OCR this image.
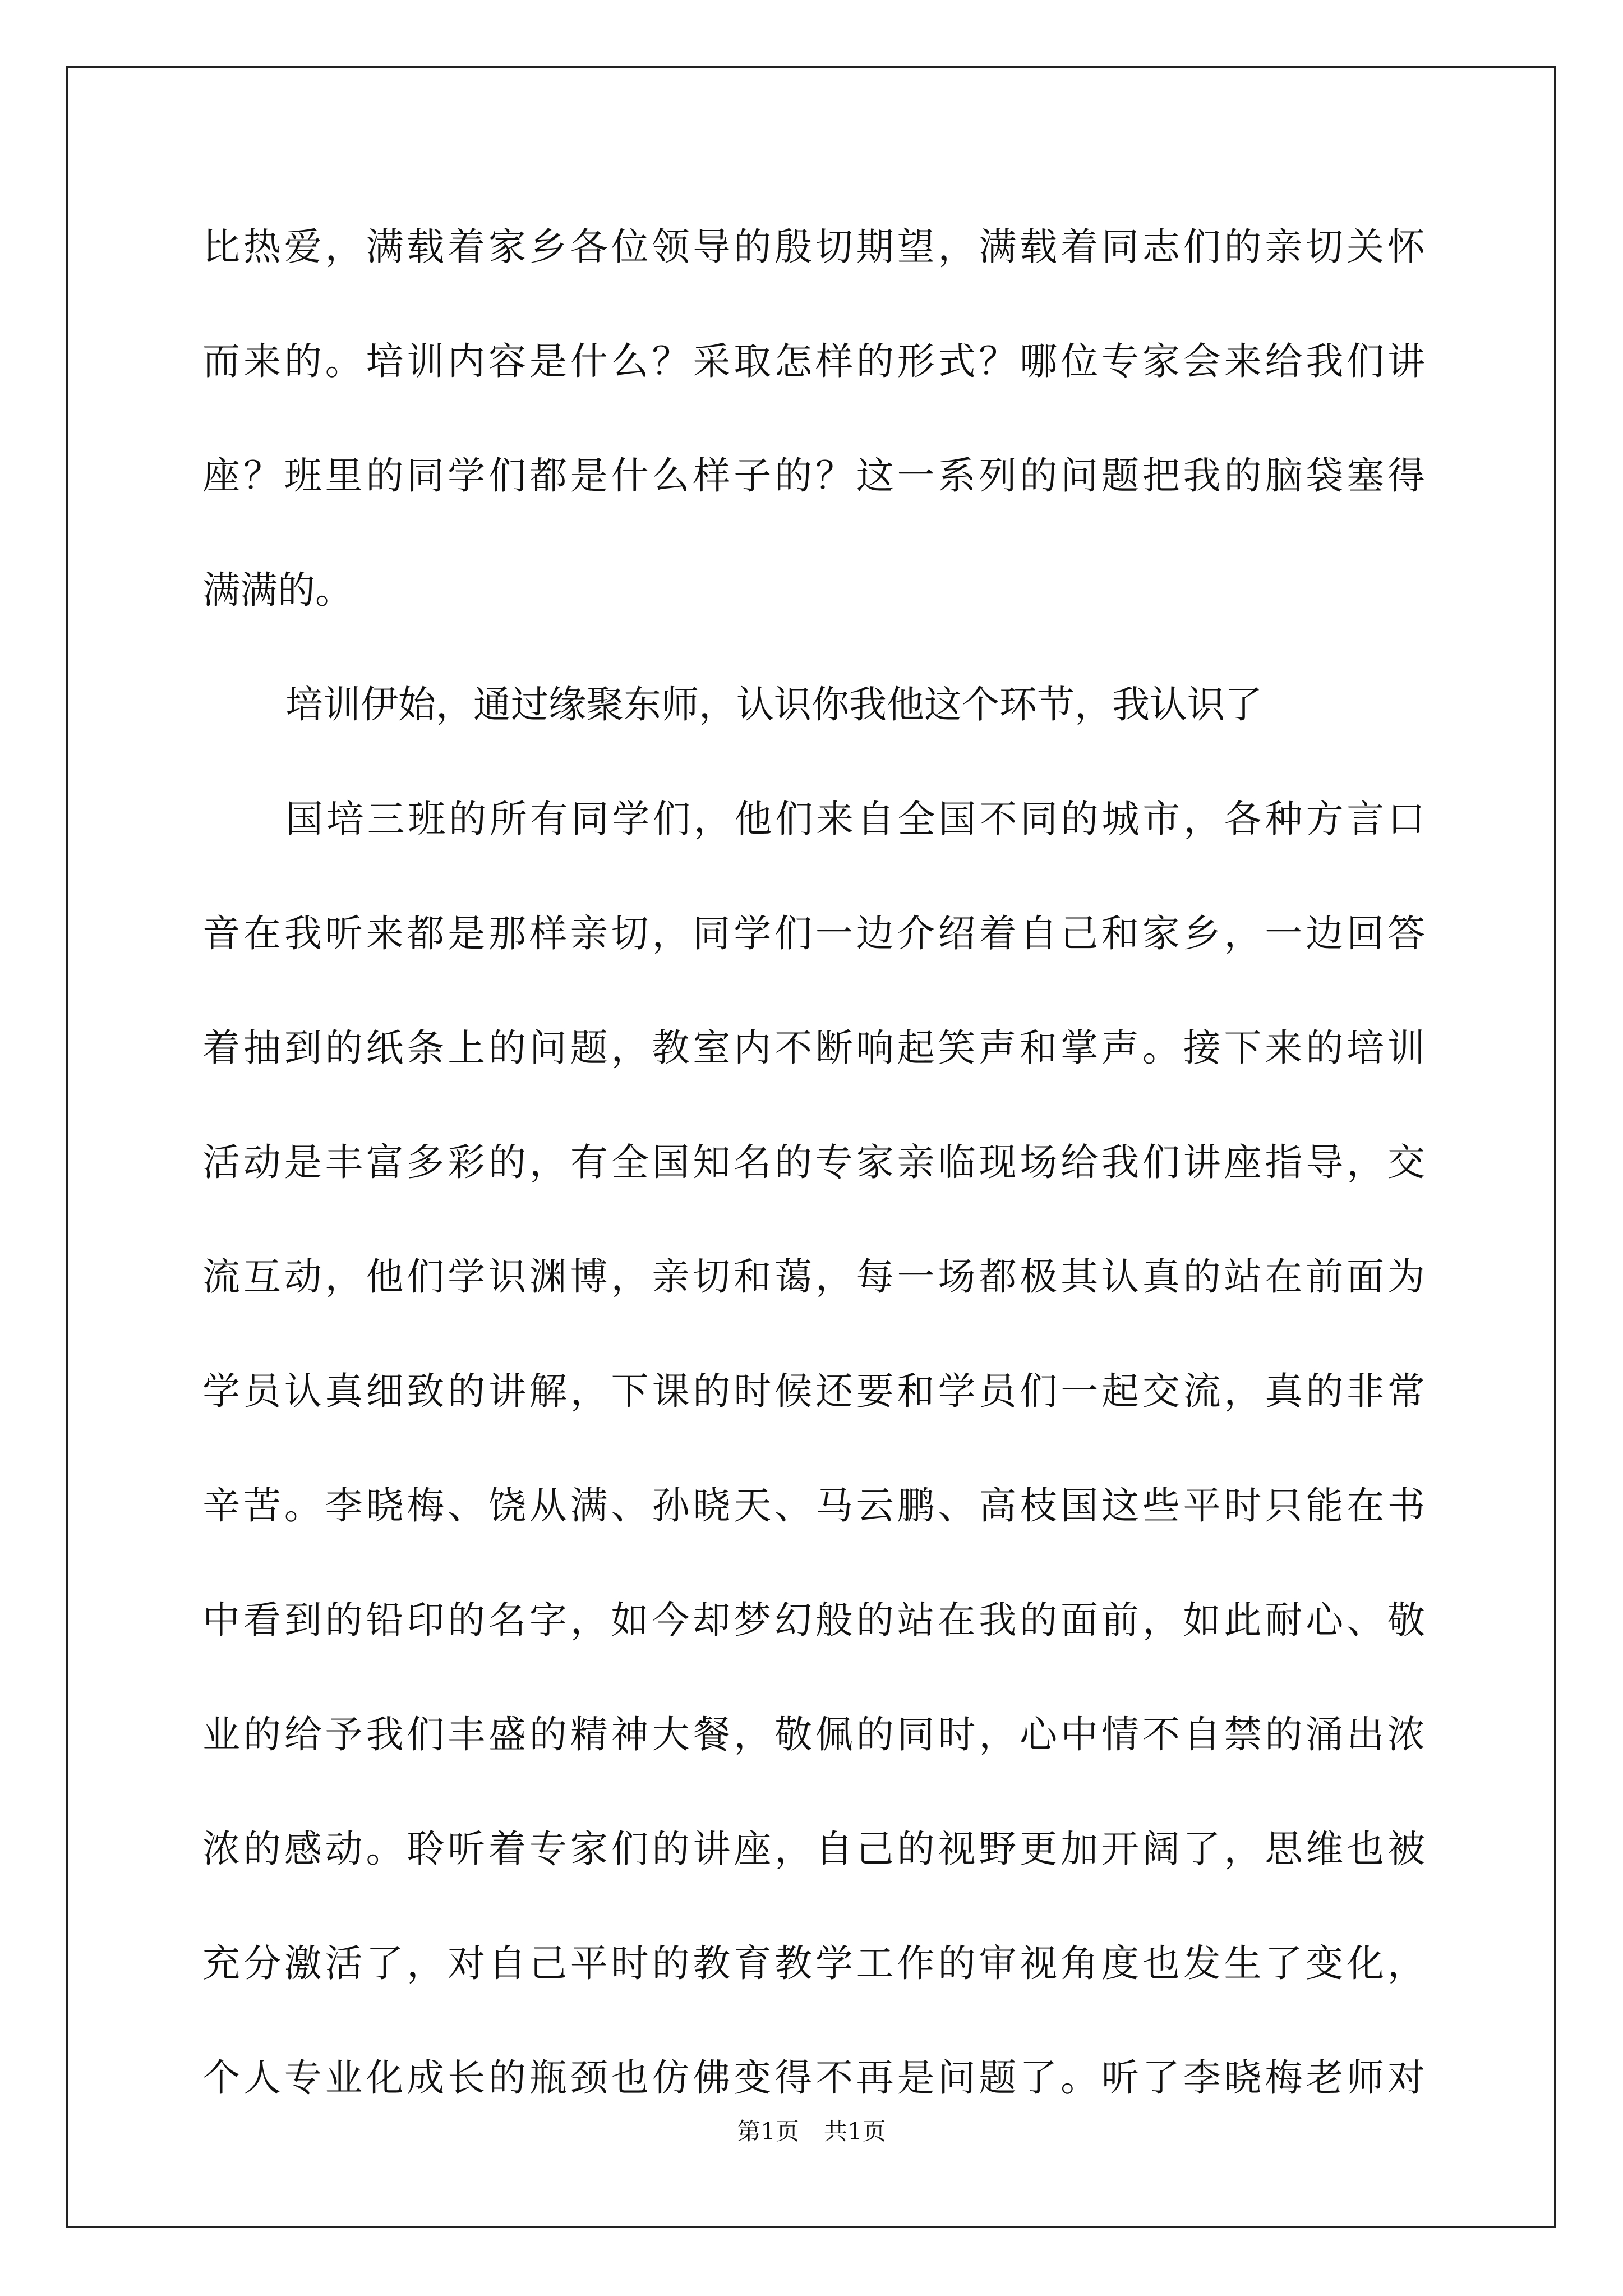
比热爱，满载着家乡各位领导的殷切期望，满载着同志们的亲切关怀
而来的。培训内容是什么？采取怎样的形式？哪位专家会来给我们讲
座？班里的同学们都是什么样子的？这一系列的问题把我的脑袋塞得
满满的。
培训伊始，通过缘聚东师，认识你我他这个环节，我认识了
国培三班的所有同学们，他们来自全国不同的城市，各种方言口
音在我听来都是那样亲切，同学们一边介绍着自己和家乡，一边回答
着抽到的纸条上的问题，教室内不断响起笑声和掌声。接下来的培训
活动是丰富多彩的，有全国知名的专家亲临现场给我们讲座指导，交
流互动，他们学识渊博，亲切和蔼，每一场都极其认真的站在前面为
学员认真细致的讲解，下课的时候还要和学员们一起交流，真的非常
辛苦。李晓梅、饶从满、孙晓天、马云鹏、高枝国这些平时只能在书
中看到的铅印的名字，如今却梦幻般的站在我的面前，如此耐心、敬
业的给予我们丰盛的精神大餐，敬佩的同时，心中情不自禁的涌出浓
浓的感动。聆听着专家们的讲座，自己的视野更加开阔了，思维也被
充分激活了，对自己平时的教育教学工作的审视角度也发生了变化，
个人专业化成长的瓶颈也仿佛变得不再是问题了。听了李晓梅老师对
第1页 共1页
